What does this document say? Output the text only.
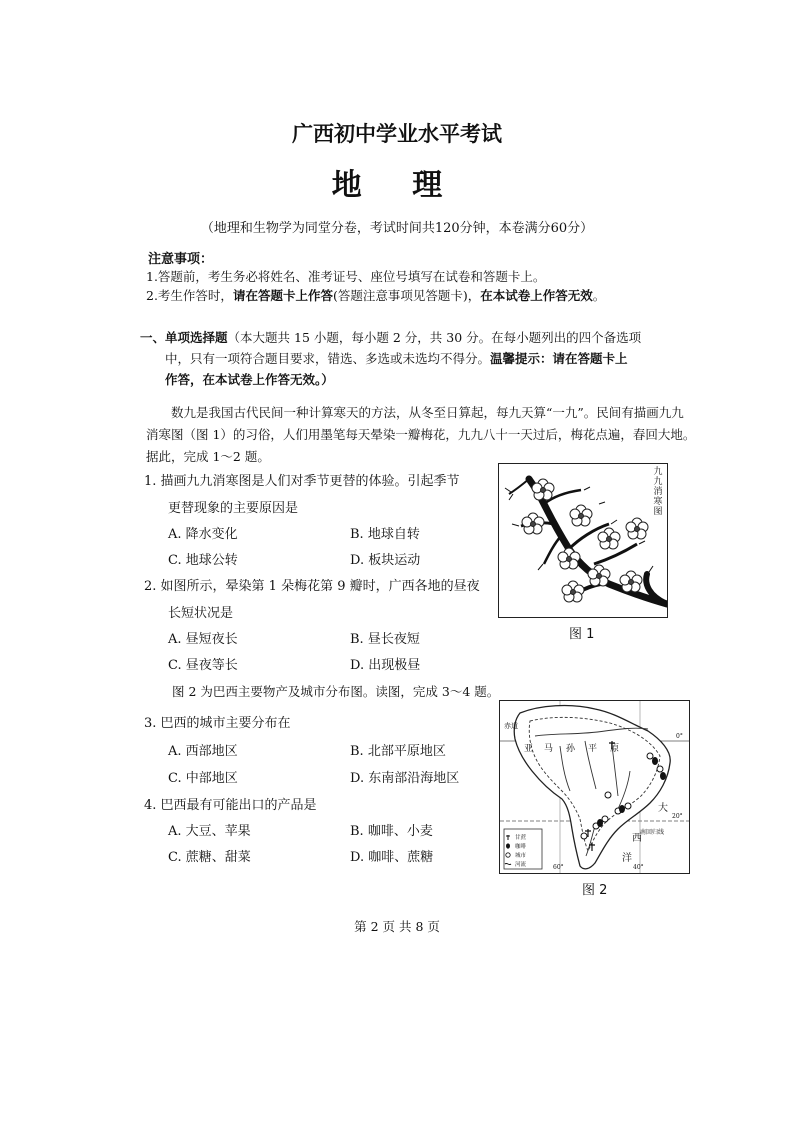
广西初中学业水平考试
地 理
（地理和生物学为同堂分卷，考试时间共120分钟，本卷满分60分）
注意事项：
1.答题前，考生务必将姓名、准考证号、座位号填写在试卷和答题卡上。
2.考生作答时，请在答题卡上作答(答题注意事项见答题卡)，在本试卷上作答无效。
一、单项选择题（本大题共 15 小题，每小题 2 分，共 30 分。在每小题列出的四个备选项
中，只有一项符合题目要求，错选、多选或未选均不得分。温馨提示：请在答题卡上
作答，在本试卷上作答无效。）
数九是我国古代民间一种计算寒天的方法，从冬至日算起，每九天算“一九”。民间有描画九九消寒图（图 1）的习俗，人们用墨笔每天晕染一瓣梅花，九九八十一天过后，梅花点遍，春回大地。据此，完成 1～2 题。
1. 描画九九消寒图是人们对季节更替的体验。引起季节
更替现象的主要原因是
A. 降水变化	B. 地球自转
C. 地球公转	D. 板块运动
2. 如图所示，晕染第 1 朵梅花第 9 瓣时，广西各地的昼夜
长短状况是
A. 昼短夜长	B. 昼长夜短
C. 昼夜等长	D. 出现极昼
图 2 为巴西主要物产及城市分布图。读图，完成 3～4 题。
3. 巴西的城市主要分布在
A. 西部地区	B. 北部平原地区
C. 中部地区	D. 东南部沿海地区
4. 巴西最有可能出口的产品是
A. 大豆、苹果	B. 咖啡、小麦
C. 蔗糖、甜菜	D. 咖啡、蔗糖
九九消寒图
图 1
赤道
亚 马 孙 平 原
大
西
洋
南回归线
0°
20°
60°	40°
甘蔗
咖啡
城市
河流
图 2
第 2 页 共 8 页
